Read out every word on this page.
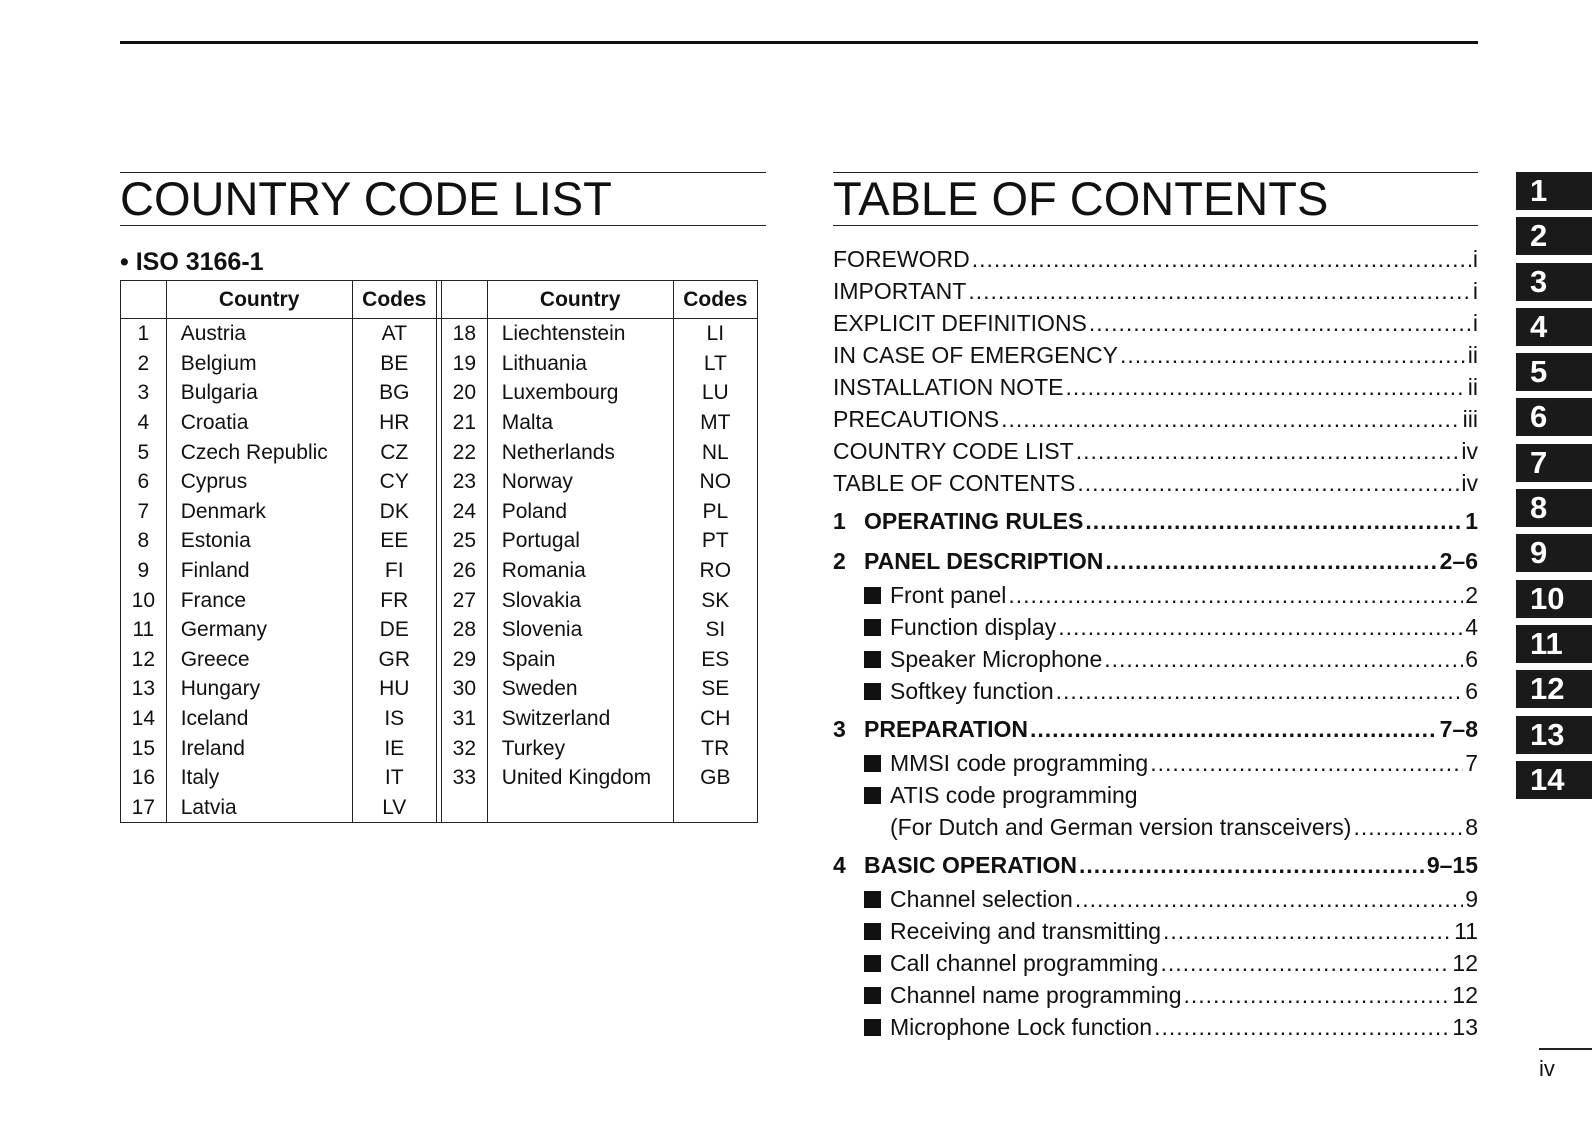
COUNTRY CODE LIST
• ISO 3166-1
	Country	Codes			Country	Codes
1	Austria	AT		18	Liechtenstein	LI
2	Belgium	BE		19	Lithuania	LT
3	Bulgaria	BG		20	Luxembourg	LU
4	Croatia	HR		21	Malta	MT
5	Czech Republic	CZ		22	Netherlands	NL
6	Cyprus	CY		23	Norway	NO
7	Denmark	DK		24	Poland	PL
8	Estonia	EE		25	Portugal	PT
9	Finland	FI		26	Romania	RO
10	France	FR		27	Slovakia	SK
11	Germany	DE		28	Slovenia	SI
12	Greece	GR		29	Spain	ES
13	Hungary	HU		30	Sweden	SE
14	Iceland	IS		31	Switzerland	CH
15	Ireland	IE		32	Turkey	TR
16	Italy	IT		33	United Kingdom	GB
17	Latvia	LV				
TABLE OF CONTENTS
FOREWORD .....	i
IMPORTANT .....	i
EXPLICIT DEFINITIONS .....	i
IN CASE OF EMERGENCY .....	ii
INSTALLATION NOTE .....	ii
PRECAUTIONS .....	iii
COUNTRY CODE LIST .....	iv
TABLE OF CONTENTS .....	iv
1 OPERATING RULES .....	1
2 PANEL DESCRIPTION .....	2–6
Front panel .....	2
Function display .....	4
Speaker Microphone .....	6
Softkey function .....	6
3 PREPARATION .....	7–8
MMSI code programming .....	7
ATIS code programming
(For Dutch and German version transceivers) .....	8
4 BASIC OPERATION .....	9–15
Channel selection .....	9
Receiving and transmitting .....	11
Call channel programming .....	12
Channel name programming .....	12
Microphone Lock function .....	13
1
2
3
4
5
6
7
8
9
10
11
12
13
14
iv
